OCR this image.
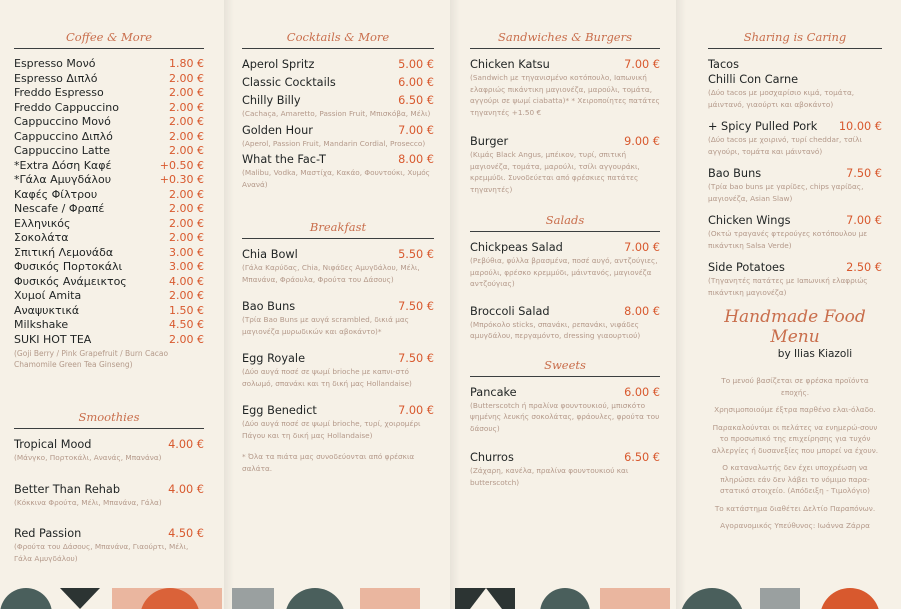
Coffee & More
Espresso Μονό	1.80 €
Espresso Διπλό	2.00 €
Freddo Espresso	2.00 €
Freddo Cappuccino	2.00 €
Cappuccino Μονό	2.00 €
Cappuccino Διπλό	2.00 €
Cappuccino Latte	2.00 €
*Extra Δόση Καφέ	+0.50 €
*Γάλα Αμυγδάλου	+0.30 €
Καφές Φίλτρου	2.00 €
Nescafe / Φραπέ	2.00 €
Ελληνικός	2.00 €
Σοκολάτα	2.00 €
Σπιτική Λεμονάδα	3.00 €
Φυσικός Πορτοκάλι	3.00 €
Φυσικός Ανάμεικτος	4.00 €
Χυμοί Amita	2.00 €
Αναψυκτικά	1.50 €
Milkshake	4.50 €
SUKI HOT TEA	2.00 €
(Goji Berry / Pink Grapefruit / Burn Cacao Chamomile Green Tea Ginseng)
Smoothies
Tropical Mood	4.00 €
(Μάνγκο, Πορτοκάλι, Ανανάς, Μπανάνα)
Better Than Rehab	4.00 €
(Κόκκινα Φρούτα, Μέλι, Μπανάνα, Γάλα)
Red Passion	4.50 €
(Φρούτα του Δάσους, Μπανάνα, Γιαούρτι, Μέλι, Γάλα Αμυγδάλου)
Cocktails & More
Aperol Spritz	5.00 €
Classic Cocktails	6.00 €
Chilly Billy	6.50 €
(Cachaça, Amaretto, Passion Fruit, Μπισκόβα, Μέλι)
Golden Hour	7.00 €
(Aperol, Passion Fruit, Mandarin Cordial, Prosecco)
What the Fac-T	8.00 €
(Malibu, Vodka, Μαστίχα, Κακάο, Φουντούκι, Χυμός Ανανά)
Breakfast
Chia Bowl	5.50 €
(Γάλα Καρύδας, Chia, Νιφάδες Αμυγδάλου, Μέλι, Μπανάνα, Φράουλα, Φρούτα του Δάσους)
Bao Buns	7.50 €
(Τρία Bao Buns με αυγά scrambled, δικιά μας μαγιονέζα μυρωδικών και αβοκάντο)*
Egg Royale	7.50 €
(Δύο αυγά ποσέ σε ψωμί brioche με καπνι-στό σολωμό, σπανάκι και τη δική μας Hollandaise)
Egg Benedict	7.00 €
(Δύο αυγά ποσέ σε ψωμί brioche, τυρί, χοιρομέρι Πάγου και τη δική μας Hollandaise)
* Όλα τα πιάτα μας συνοδεύονται από φρέσκια σαλάτα.
Sandwiches & Burgers
Chicken Katsu	7.00 €
(Sandwich με τηγανισμένο κοτόπουλο, Ιαπωνική ελαφριώς πικάντικη μαγιονέζα, μαρούλι, τομάτα, αγγούρι σε ψωμί ciabatta)* * Χειροποίητες πατάτες τηγανητές +1.50 €
Burger	9.00 €
(Κιμάς Black Angus, μπέικον, τυρί, σπιτική μαγιονέζα, τομάτα, μαρούλι, τσίλι αγγουράκι, κρεμμύδι. Συνοδεύεται από φρέσκιες πατάτες τηγανητές)
Salads
Chickpeas Salad	7.00 €
(Ρεβύθια, φύλλα βρασμένα, ποσέ αυγό, αντζούγιες, μαρούλι, φρέσκο κρεμμύδι, μάιντανός, μαγιονέζα αντζούγιας)
Broccoli Salad	8.00 €
(Μπρόκολο sticks, σπανάκι, ρεπανάκι, νιφάδες αμυγδάλου, περγαμόντο, dressing γιαουρτιού)
Sweets
Pancake	6.00 €
(Butterscotch ή πραλίνα φουντουκιού, μπισκότο ψημένης λευκής σοκολάτας, φράουλες, φρούτα του δάσους)
Churros	6.50 €
(Ζάχαρη, κανέλα, πραλίνα φουντουκιού και butterscotch)
Sharing is Caring
Tacos
Chilli Con Carne
(Δύο tacos με μοσχαρίσιο κιμά, τομάτα, μάιντανό, γιαούρτι και αβοκάντο)
+ Spicy Pulled Pork 10.00 €
(Δύο tacos με χοιρινό, τυρί cheddar, τσίλι αγγούρι, τομάτα και μάιντανό)
Bao Buns	7.50 €
(Τρία bao buns με γαρίδες, chips γαρίδας, μαγιονέζα, Asian Slaw)
Chicken Wings	7.00 €
(Οκτώ τραγανές φτερούγες κοτόπουλου με πικάντικη Salsa Verde)
Side Potatoes	2.50 €
(Τηγανητές πατάτες με Ιαπωνική ελαφριώς πικάντικη μαγιονέζα)
Handmade Food Menu
by Ilias Kiazoli
Το μενού βασίζεται σε φρέσκα προϊόντα εποχής.
Χρησιμοποιούμε έξτρα παρθένο ελαι-όλαδο.
Παρακαλούνται οι πελάτες να ενημερώ-σουν το προσωπικό της επιχείρησης για τυχόν αλλεργίες ή δυσανεξίες που μπορεί να έχουν.
Ο καταναλωτής δεν έχει υποχρέωση να πληρώσει εάν δεν λάβει το νόμιμο παρα-στατικό στοιχείο. (Απόδειξη - Τιμολόγιο)
Το κατάστημα διαθέτει Δελτίο Παραπόνων.
Αγορανομικός Υπεύθυνος: Ιωάννα Ζάρρα
